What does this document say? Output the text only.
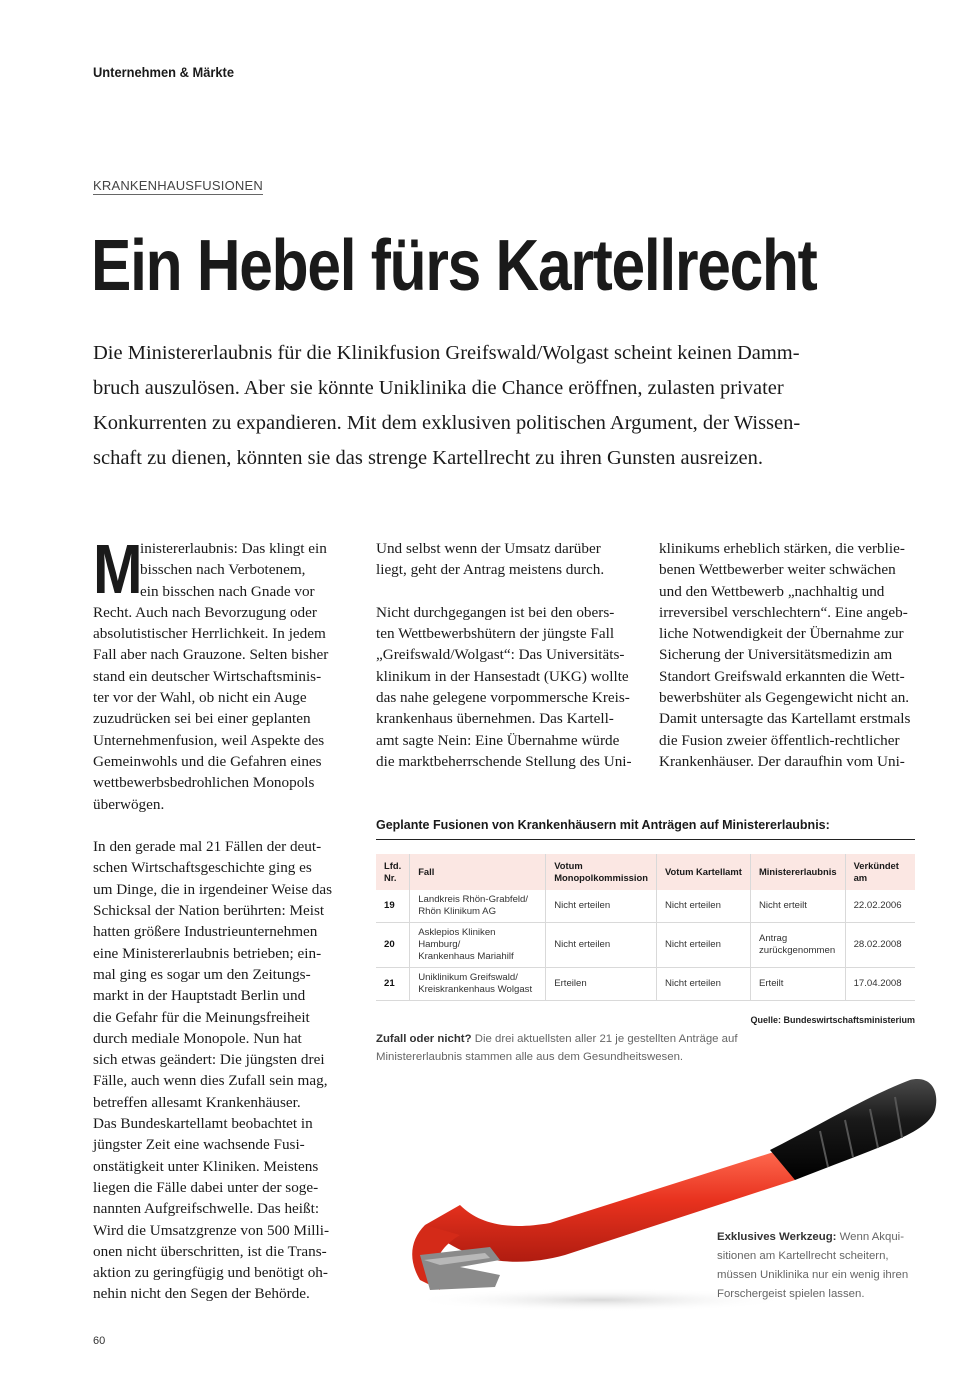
Unternehmen & Märkte
KRANKENHAUSFUSIONEN
Ein Hebel fürs Kartellrecht
Die Ministererlaubnis für die Klinikfusion Greifswald/Wolgast scheint keinen Damm-
bruch auszulösen. Aber sie könnte Uniklinika die Chance eröffnen, zulasten privater
Konkurrenten zu expandieren. Mit dem exklusiven politischen Argument, der Wissen-
schaft zu dienen, könnten sie das strenge Kartellrecht zu ihren Gunsten ausreizen.
M
inistererlaubnis: Das klingt ein
bisschen nach Verbotenem,
ein bisschen nach Gnade vor
Recht. Auch nach Bevorzugung oder
absolutistischer Herrlichkeit. In jedem
Fall aber nach Grauzone. Selten bisher
stand ein deutscher Wirtschaftsminis-
ter vor der Wahl, ob nicht ein Auge
zuzudrücken sei bei einer geplanten
Unternehmenfusion, weil Aspekte des
Gemeinwohls und die Gefahren eines
wettbewerbsbedrohlichen Monopols
überwögen.
In den gerade mal 21 Fällen der deut-
schen Wirtschaftsgeschichte ging es
um Dinge, die in irgendeiner Weise das
Schicksal der Nation berührten: Meist
hatten größere Industrieunternehmen
eine Ministererlaubnis betrieben; ein-
mal ging es sogar um den Zeitungs-
markt in der Hauptstadt Berlin und
die Gefahr für die Meinungsfreiheit
durch mediale Monopole. Nun hat
sich etwas geändert: Die jüngsten drei
Fälle, auch wenn dies Zufall sein mag,
betreffen allesamt Krankenhäuser.
Das Bundeskartellamt beobachtet in
jüngster Zeit eine wachsende Fusi-
onstätigkeit unter Kliniken. Meistens
liegen die Fälle dabei unter der soge-
nannten Aufgreifschwelle. Das heißt:
Wird die Umsatzgrenze von 500 Milli-
onen nicht überschritten, ist die Trans-
aktion zu geringfügig und benötigt oh-
nehin nicht den Segen der Behörde.
Und selbst wenn der Umsatz darüber
liegt, geht der Antrag meistens durch.
Nicht durchgegangen ist bei den obers-
ten Wettbewerbshütern der jüngste Fall
„Greifswald/Wolgast“: Das Universitäts-
klinikum in der Hansestadt (UKG) wollte
das nahe gelegene vorpommersche Kreis-
krankenhaus übernehmen. Das Kartell-
amt sagte Nein: Eine Übernahme würde
die marktbeherrschende Stellung des Uni-
klinikums erheblich stärken, die verblie-
benen Wettbewerber weiter schwächen
und den Wettbewerb „nachhaltig und
irreversibel verschlechtern“. Eine angeb-
liche Notwendigkeit der Übernahme zur
Sicherung der Universitätsmedizin am
Standort Greifswald erkannten die Wett-
bewerbshüter als Gegengewicht nicht an.
Damit untersagte das Kartellamt erstmals
die Fusion zweier öffentlich-rechtlicher
Krankenhäuser. Der daraufhin vom Uni-
Geplante Fusionen von Krankenhäusern mit Anträgen auf Ministererlaubnis:
Lfd.
Nr.	Fall	Votum
Monopolkommission	Votum Kartellamt	Ministererlaubnis	Verkündet am
19	Landkreis Rhön-Grabfeld/
Rhön Klinikum AG	Nicht erteilen	Nicht erteilen	Nicht erteilt	22.02.2006
20	Asklepios Kliniken Hamburg/
Krankenhaus Mariahilf	Nicht erteilen	Nicht erteilen	Antrag
zurückgenommen	28.02.2008
21	Uniklinikum Greifswald/
Kreiskrankenhaus Wolgast	Erteilen	Nicht erteilen	Erteilt	17.04.2008
Quelle: Bundeswirtschaftsministerium
Zufall oder nicht? Die drei aktuellsten aller 21 je gestellten Anträge auf
Ministererlaubnis stammen alle aus dem Gesundheitswesen.
Exklusives Werkzeug: Wenn Akqui-
sitionen am Kartellrecht scheitern,
müssen Uniklinika nur ein wenig ihren
Forschergeist spielen lassen.
60
